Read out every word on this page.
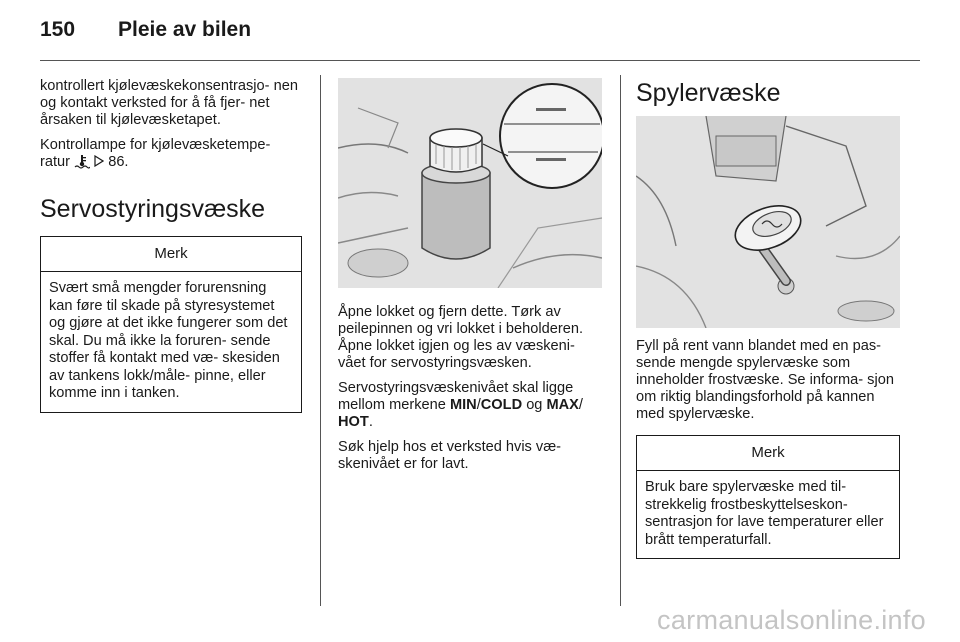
150	Pleie av bilen

kontrollert kjølevæskekonsentrasjo- nen og kontakt verksted for å få fjer- net årsaken til kjølevæsketapet.

Kontrollampe for kjølevæsketempe- ratur	86.

Servostyringsvæske
Merk
Svært små mengder forurensning kan føre til skade på styresystemet og gjøre at det ikke fungerer som det skal. Du må ikke la foruren- sende stoffer få kontakt med væ- skesiden av tankens lokk/måle- pinne, eller komme inn i tanken.

Åpne lokket og fjern dette. Tørk av peilepinnen og vri lokket i beholderen. Åpne lokket igjen og les av væskeni- vået for servostyringsvæsken.

Servostyringsvæskenivået skal ligge mellom merkene MIN/COLD og MAX/ HOT.

Søk hjelp hos et verksted hvis væ- skenivået er for lavt.

Spylervæske

Fyll på rent vann blandet med en pas- sende mengde spylervæske som inneholder frostvæske. Se informa- sjon om riktig blandingsforhold på kannen med spylervæske.

Merk
Bruk bare spylervæske med til- strekkelig frostbeskyttelseskon- sentrasjon for lave temperaturer eller brått temperaturfall.
carmanualsonline.info
